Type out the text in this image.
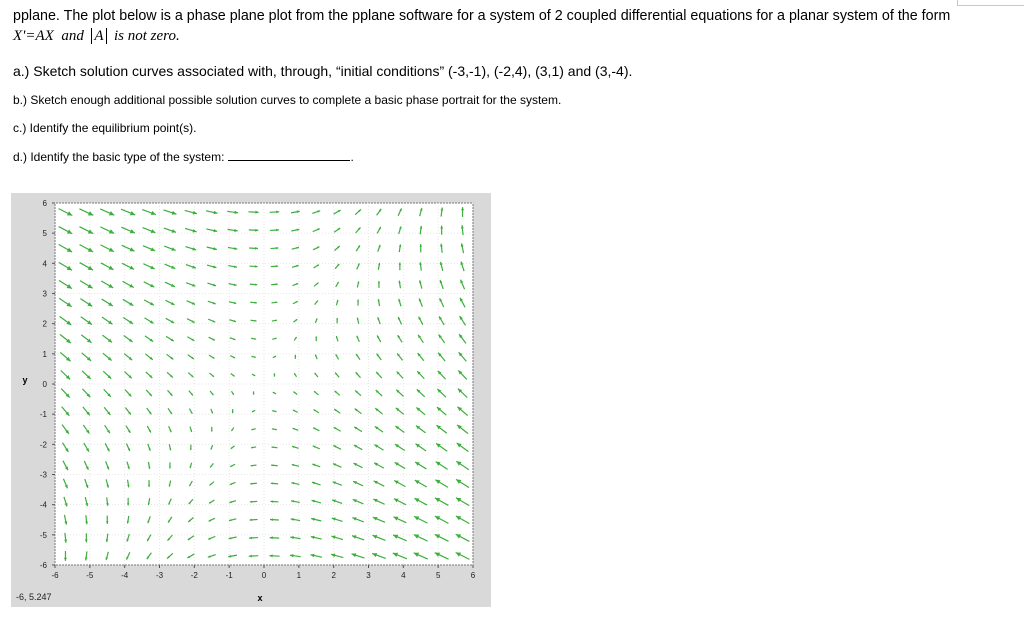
pplane. The plot below is a phase plane plot from the pplane software for a system of 2 coupled differential equations for a planar system of the form
X'=AX and A is not zero.
a.) Sketch solution curves associated with, through, “initial conditions” (-3,-1), (-2,4), (3,1) and (3,-4).
b.) Sketch enough additional possible solution curves to complete a basic phase portrait for the system.
c.) Identify the equilibrium point(s).
d.) Identify the basic type of the system:	.
-6	-5	-4	-3	-2	-1	0	1	2	3	4	5	6
6
5
4
3
2
1
0
-1
-2
-3
-4
-5
-6
x
y
-6, 5.247
